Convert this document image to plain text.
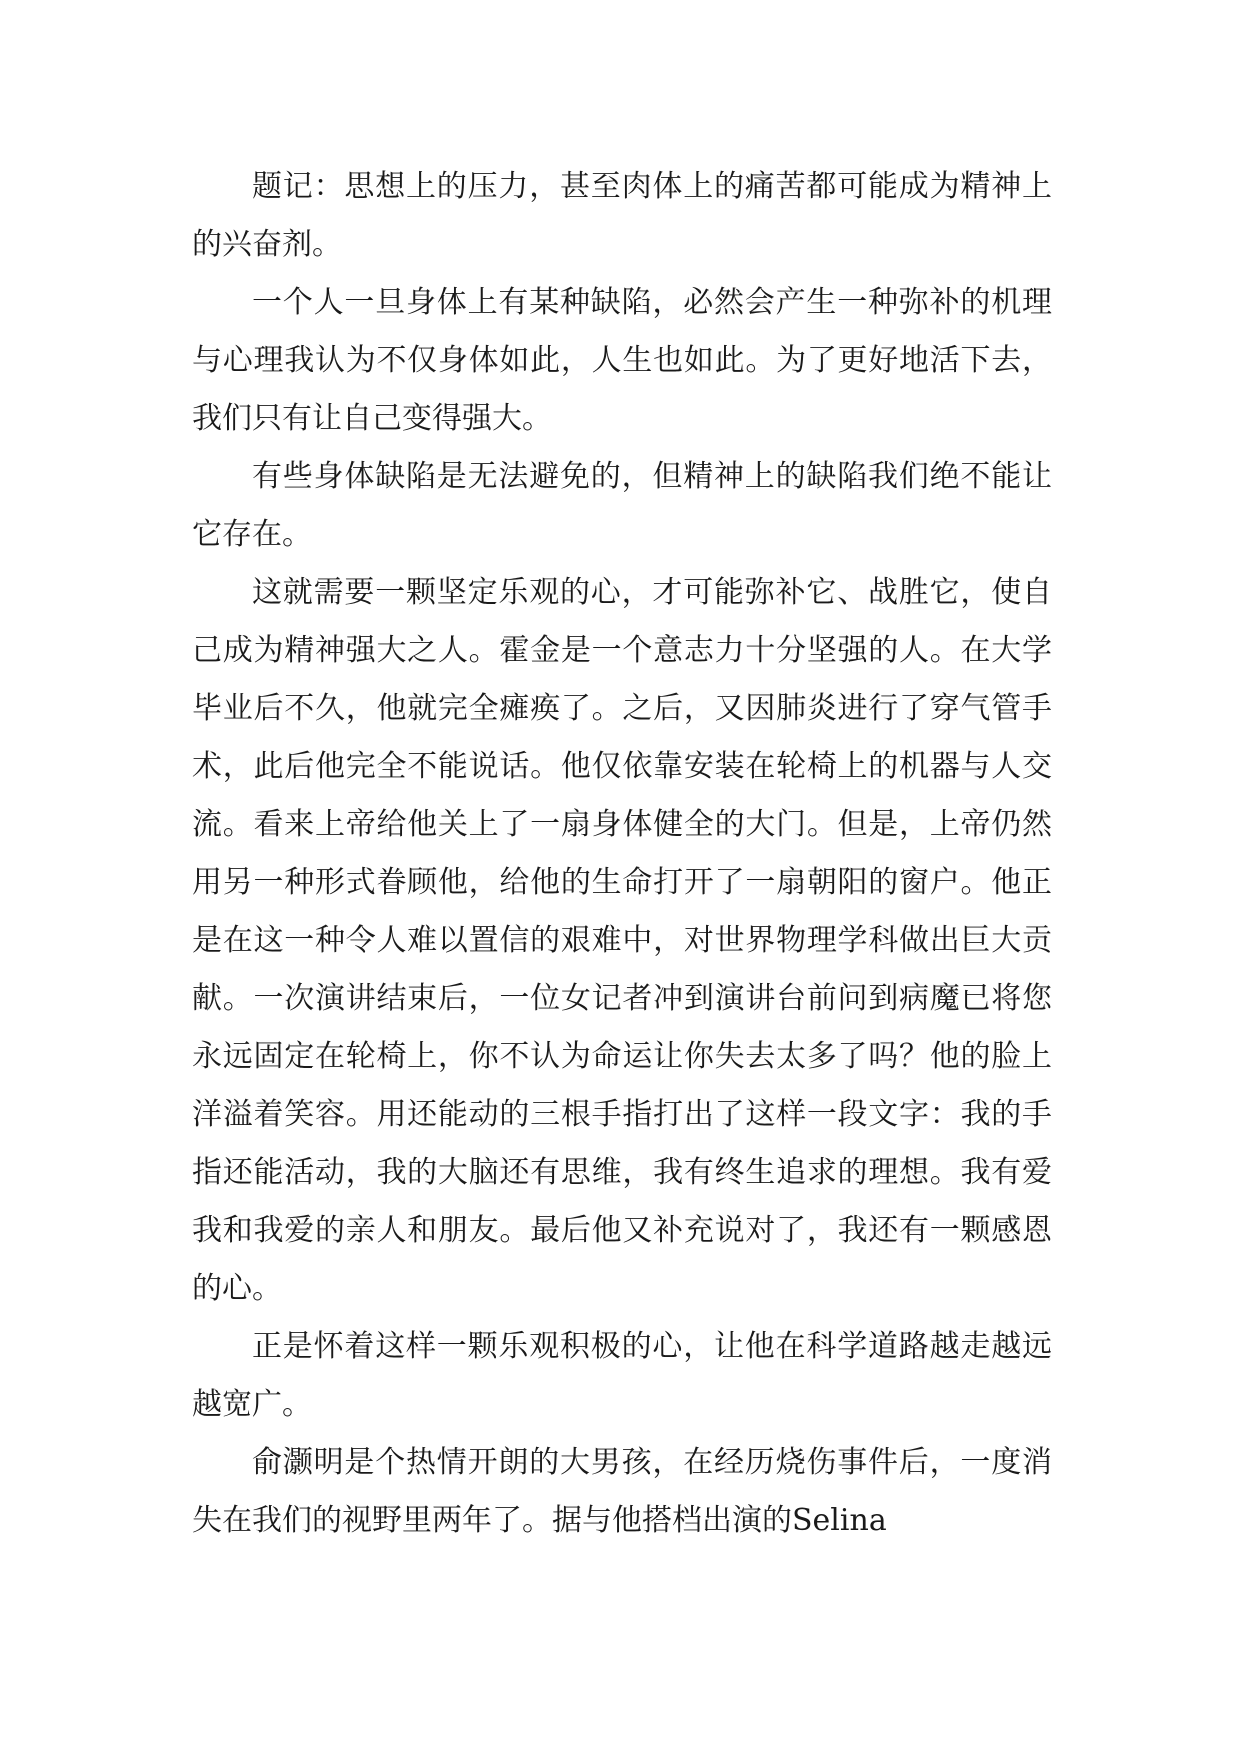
题记：思想上的压力，甚至肉体上的痛苦都可能成为精神上的兴奋剂。

一个人一旦身体上有某种缺陷，必然会产生一种弥补的机理与心理我认为不仅身体如此，人生也如此。为了更好地活下去，我们只有让自己变得强大。

有些身体缺陷是无法避免的，但精神上的缺陷我们绝不能让它存在。

这就需要一颗坚定乐观的心，才可能弥补它、战胜它，使自己成为精神强大之人。霍金是一个意志力十分坚强的人。在大学毕业后不久，他就完全瘫痪了。之后，又因肺炎进行了穿气管手术，此后他完全不能说话。他仅依靠安装在轮椅上的机器与人交流。看来上帝给他关上了一扇身体健全的大门。但是，上帝仍然用另一种形式眷顾他，给他的生命打开了一扇朝阳的窗户。他正是在这一种令人难以置信的艰难中，对世界物理学科做出巨大贡献。一次演讲结束后，一位女记者冲到演讲台前问到病魔已将您永远固定在轮椅上，你不认为命运让你失去太多了吗？他的脸上洋溢着笑容。用还能动的三根手指打出了这样一段文字：我的手指还能活动，我的大脑还有思维，我有终生追求的理想。我有爱我和我爱的亲人和朋友。最后他又补充说对了，我还有一颗感恩的心。

正是怀着这样一颗乐观积极的心，让他在科学道路越走越远越宽广。

俞灏明是个热情开朗的大男孩，在经历烧伤事件后，一度消失在我们的视野里两年了。据与他搭档出演的Selina
